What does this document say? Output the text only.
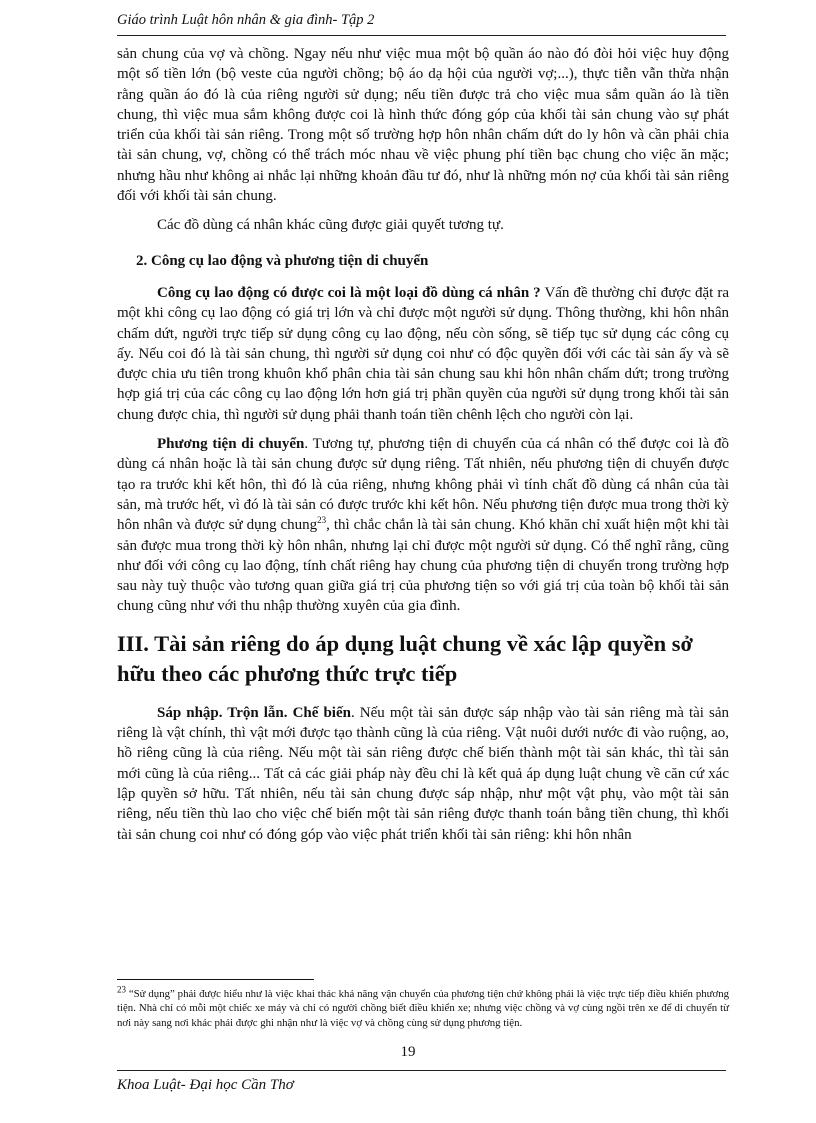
Giáo trình Luật hôn nhân & gia đình- Tập 2

sản chung của vợ và chồng. Ngay nếu như việc mua một bộ quần áo nào đó đòi hỏi việc huy động một số tiền lớn (bộ veste của người chồng; bộ áo dạ hội của người vợ;...), thực tiễn vẫn thừa nhận rằng quần áo đó là của riêng người sử dụng; nếu tiền được trả cho việc mua sắm quần áo là tiền chung, thì việc mua sắm không được coi là hình thức đóng góp của khối tài sản chung vào sự phát triển của khối tài sản riêng. Trong một số trường hợp hôn nhân chấm dứt do ly hôn và cần phải chia tài sản chung, vợ, chồng có thể trách móc nhau về việc phung phí tiền bạc chung cho việc ăn mặc; nhưng hầu như không ai nhắc lại những khoản đầu tư đó, như là những món nợ của khối tài sản riêng đối với khối tài sản chung.

Các đồ dùng cá nhân khác cũng được giải quyết tương tự.

2. Công cụ lao động và phương tiện di chuyển

Công cụ lao động có được coi là một loại đồ dùng cá nhân ? Vấn đề thường chỉ được đặt ra một khi công cụ lao động có giá trị lớn và chỉ được một người sử dụng. Thông thường, khi hôn nhân chấm dứt, người trực tiếp sử dụng công cụ lao động, nếu còn sống, sẽ tiếp tục sử dụng các công cụ ấy. Nếu coi đó là tài sản chung, thì người sử dụng coi như có độc quyền đối với các tài sản ấy và sẽ được chia ưu tiên trong khuôn khổ phân chia tài sản chung sau khi hôn nhân chấm dứt; trong trường hợp giá trị của các công cụ lao động lớn hơn giá trị phần quyền của người sử dụng trong khối tài sản chung được chia, thì người sử dụng phải thanh toán tiền chênh lệch cho người còn lại.

Phương tiện di chuyển. Tương tự, phương tiện di chuyển của cá nhân có thể được coi là đồ dùng cá nhân hoặc là tài sản chung được sử dụng riêng. Tất nhiên, nếu phương tiện di chuyển được tạo ra trước khi kết hôn, thì đó là của riêng, nhưng không phải vì tính chất đồ dùng cá nhân của tài sản, mà trước hết, vì đó là tài sản có được trước khi kết hôn. Nếu phương tiện được mua trong thời kỳ hôn nhân và được sử dụng chung$^{23}$, thì chắc chắn là tài sản chung. Khó khăn chỉ xuất hiện một khi tài sản được mua trong thời kỳ hôn nhân, nhưng lại chỉ được một người sử dụng. Có thể nghĩ rằng, cũng như đối với công cụ lao động, tính chất riêng hay chung của phương tiện di chuyển trong trường hợp sau này tuỳ thuộc vào tương quan giữa giá trị của phương tiện so với giá trị của toàn bộ khối tài sản chung cũng như với thu nhập thường xuyên của gia đình.

III. Tài sản riêng do áp dụng luật chung về xác lập quyền sở hữu theo các phương thức trực tiếp

Sáp nhập. Trộn lẫn. Chế biến. Nếu một tài sản được sáp nhập vào tài sản riêng mà tài sản riêng là vật chính, thì vật mới được tạo thành cũng là của riêng. Vật nuôi dưới nước đi vào ruộng, ao, hồ riêng cũng là của riêng. Nếu một tài sản riêng được chế biến thành một tài sản khác, thì tài sản mới cũng là của riêng... Tất cả các giải pháp này đều chỉ là kết quả áp dụng luật chung về căn cứ xác lập quyền sở hữu. Tất nhiên, nếu tài sản chung được sáp nhập, như một vật phụ, vào một tài sản riêng, nếu tiền thù lao cho việc chế biến một tài sản riêng được thanh toán bằng tiền chung, thì khối tài sản chung coi như có đóng góp vào việc phát triển khối tài sản riêng: khi hôn nhân

$^{23}$ “Sử dụng” phải được hiểu như là việc khai thác khả năng vận chuyển của phương tiện chứ không phải là việc trực tiếp điều khiển phương tiện. Nhà chỉ có mỗi một chiếc xe máy và chỉ có người chồng biết điều khiển xe; nhưng việc chồng và vợ cùng ngồi trên xe để di chuyển từ nơi này sang nơi khác phải được ghi nhận như là việc vợ và chồng cùng sử dụng phương tiện.
19
Khoa Luật- Đại học Cần Thơ
